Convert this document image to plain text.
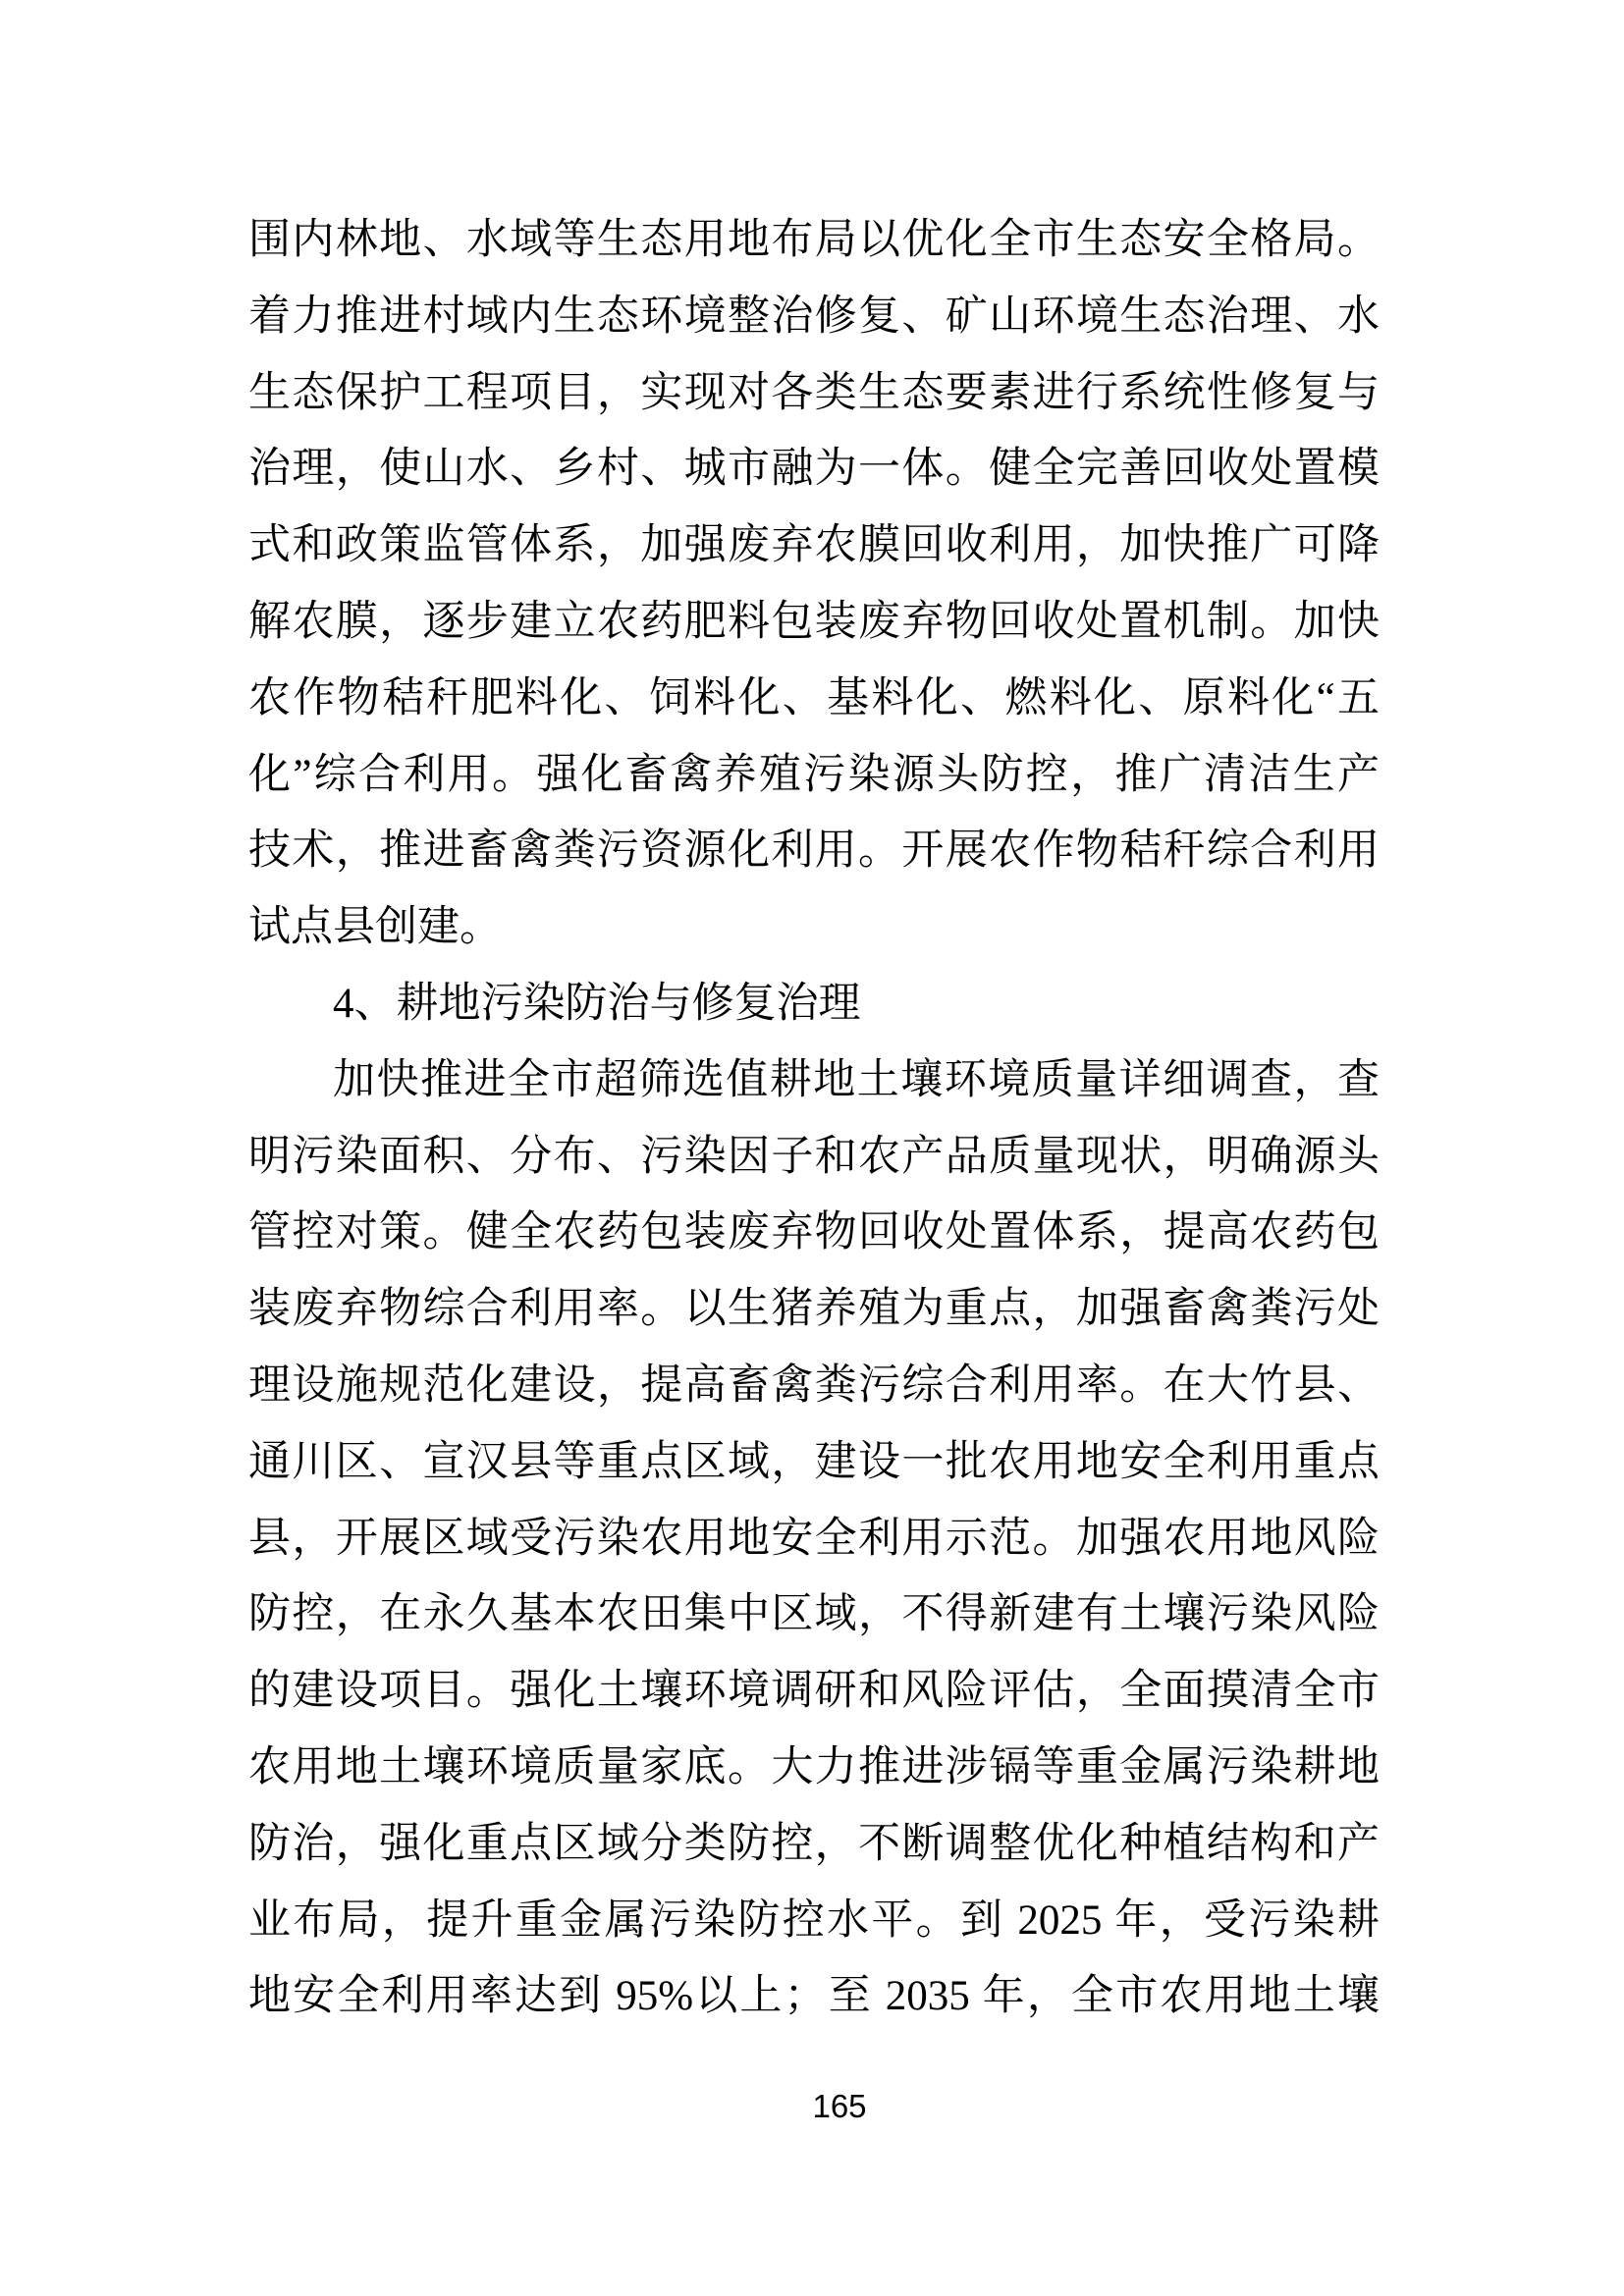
围内林地、水域等生态用地布局以优化全市生态安全格局。
着力推进村域内生态环境整治修复、矿山环境生态治理、水
生态保护工程项目，实现对各类生态要素进行系统性修复与
治理，使山水、乡村、城市融为一体。健全完善回收处置模
式和政策监管体系，加强废弃农膜回收利用，加快推广可降
解农膜，逐步建立农药肥料包装废弃物回收处置机制。加快
农作物秸秆肥料化、饲料化、基料化、燃料化、原料化“五
化”综合利用。强化畜禽养殖污染源头防控，推广清洁生产
技术，推进畜禽粪污资源化利用。开展农作物秸秆综合利用
试点县创建。
4、耕地污染防治与修复治理
加快推进全市超筛选值耕地土壤环境质量详细调查，查
明污染面积、分布、污染因子和农产品质量现状，明确源头
管控对策。健全农药包装废弃物回收处置体系，提高农药包
装废弃物综合利用率。以生猪养殖为重点，加强畜禽粪污处
理设施规范化建设，提高畜禽粪污综合利用率。在大竹县、
通川区、宣汉县等重点区域，建设一批农用地安全利用重点
县，开展区域受污染农用地安全利用示范。加强农用地风险
防控，在永久基本农田集中区域，不得新建有土壤污染风险
的建设项目。强化土壤环境调研和风险评估，全面摸清全市
农用地土壤环境质量家底。大力推进涉镉等重金属污染耕地
防治，强化重点区域分类防控，不断调整优化种植结构和产
业布局，提升重金属污染防控水平。到 2025 年，受污染耕
地安全利用率达到 95%以上；至 2035 年，全市农用地土壤
165
